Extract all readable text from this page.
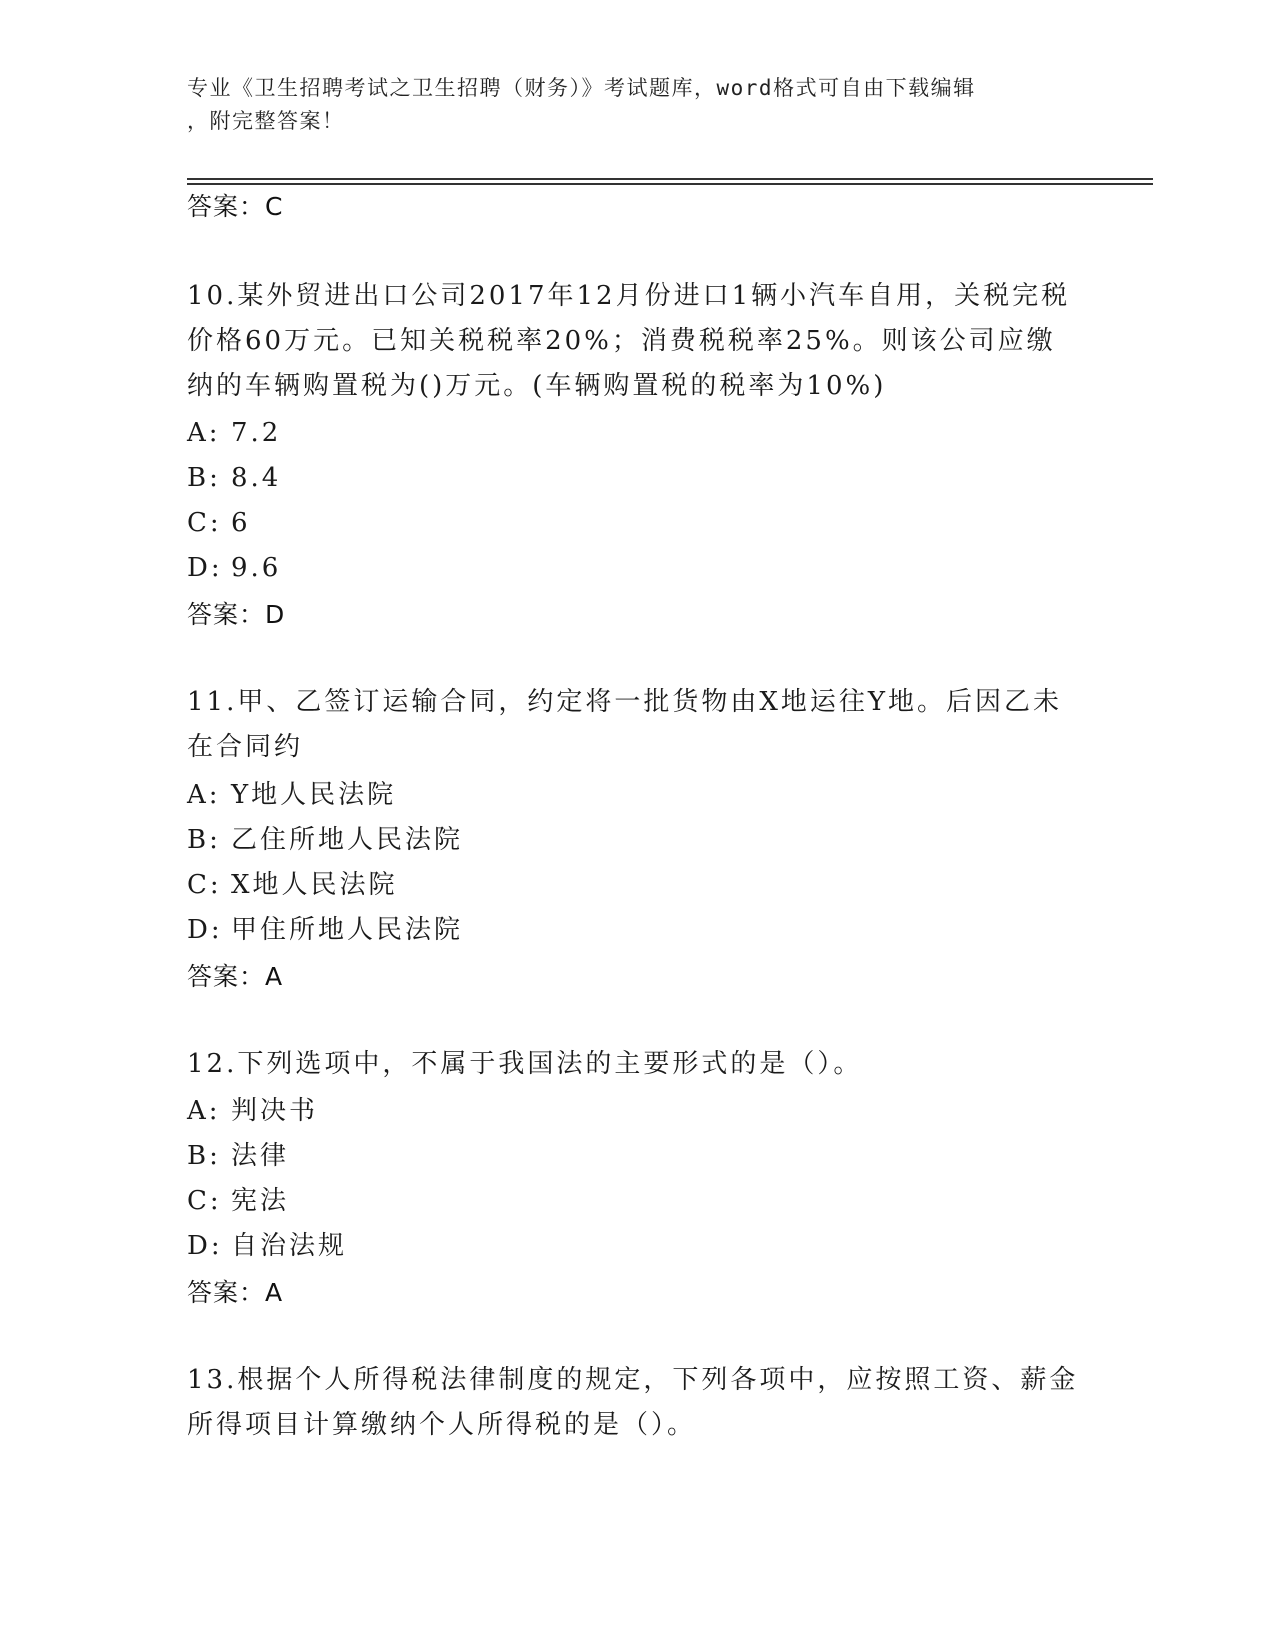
专业《卫生招聘考试之卫生招聘（财务）》考试题库，word格式可自由下载编辑
，附完整答案！
答案：C
10.某外贸进出口公司2017年12月份进口1辆小汽车自用，关税完税
价格60万元。已知关税税率20%；消费税税率25%。则该公司应缴
纳的车辆购置税为()万元。(车辆购置税的税率为10%)
A: 7.2
B: 8.4
C: 6
D: 9.6
答案：D
11.甲、乙签订运输合同，约定将一批货物由X地运往Y地。后因乙未
在合同约
A: Y地人民法院
B: 乙住所地人民法院
C: X地人民法院
D: 甲住所地人民法院
答案：A
12.下列选项中，不属于我国法的主要形式的是（）。
A: 判决书
B: 法律
C: 宪法
D: 自治法规
答案：A
13.根据个人所得税法律制度的规定，下列各项中，应按照工资、薪金
所得项目计算缴纳个人所得税的是（）。
